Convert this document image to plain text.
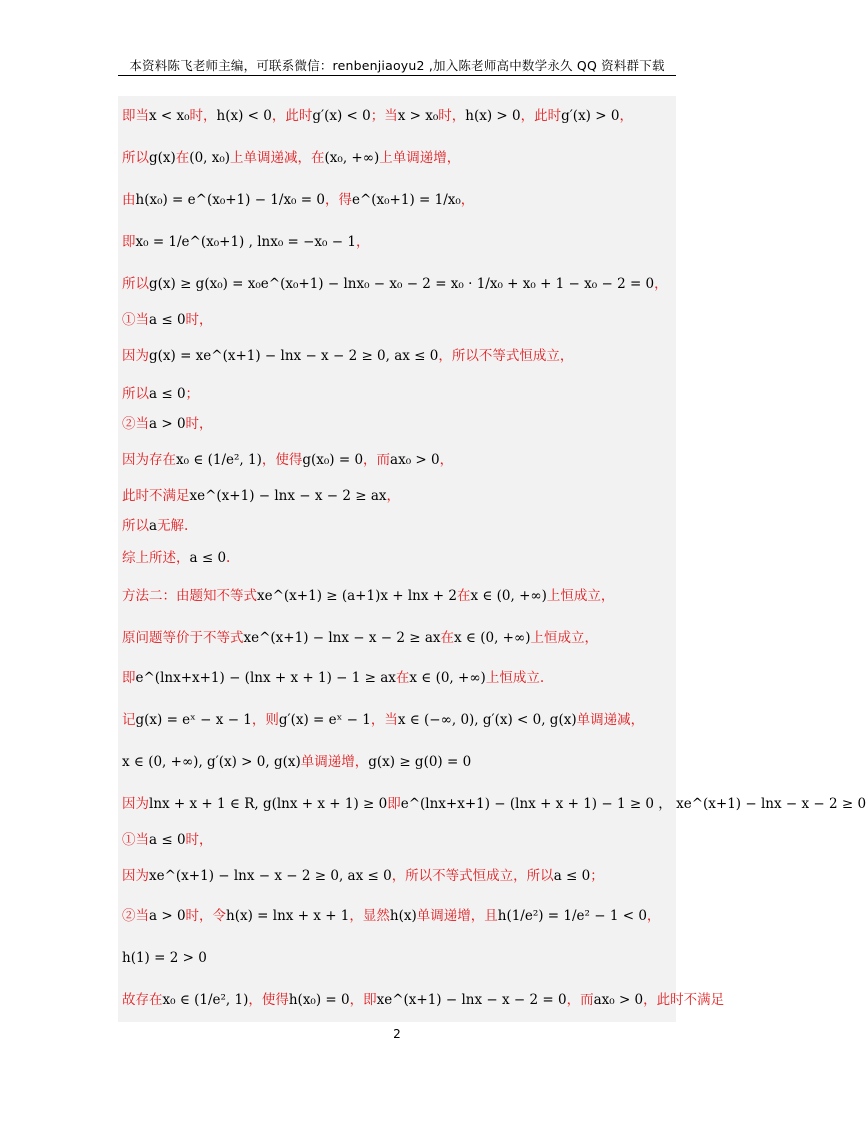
本资料陈飞老师主编，可联系微信：renbenjiaoyu2 ,加入陈老师高中数学永久 QQ 资料群下载
即当x < x₀时，h(x) < 0，此时g′(x) < 0；当x > x₀时，h(x) > 0，此时g′(x) > 0，
所以g(x)在(0, x₀)上单调递减，在(x₀, +∞)上单调递增，
由h(x₀) = e^(x₀+1) − 1/x₀ = 0，得e^(x₀+1) = 1/x₀，
即x₀ = 1/e^(x₀+1) , lnx₀ = −x₀ − 1，
所以g(x) ≥ g(x₀) = x₀e^(x₀+1) − lnx₀ − x₀ − 2 = x₀ · 1/x₀ + x₀ + 1 − x₀ − 2 = 0，
①当a ≤ 0时，
因为g(x) = xe^(x+1) − lnx − x − 2 ≥ 0, ax ≤ 0，所以不等式恒成立，
所以a ≤ 0；
②当a > 0时，
因为存在x₀ ∈ (1/e², 1)，使得g(x₀) = 0，而ax₀ > 0，
此时不满足xe^(x+1) − lnx − x − 2 ≥ ax，
所以a无解.
综上所述，a ≤ 0.
方法二：由题知不等式xe^(x+1) ≥ (a+1)x + lnx + 2在x ∈ (0, +∞)上恒成立，
原问题等价于不等式xe^(x+1) − lnx − x − 2 ≥ ax在x ∈ (0, +∞)上恒成立，
即e^(lnx+x+1) − (lnx + x + 1) − 1 ≥ ax在x ∈ (0, +∞)上恒成立.
记g(x) = eˣ − x − 1，则g′(x) = eˣ − 1，当x ∈ (−∞, 0), g′(x) < 0, g(x)单调递减，
x ∈ (0, +∞), g′(x) > 0, g(x)单调递增，g(x) ≥ g(0) = 0
因为lnx + x + 1 ∈ R, g(lnx + x + 1) ≥ 0即e^(lnx+x+1) − (lnx + x + 1) − 1 ≥ 0 ， xe^(x+1) − lnx − x − 2 ≥ 0
①当a ≤ 0时，
因为xe^(x+1) − lnx − x − 2 ≥ 0, ax ≤ 0，所以不等式恒成立，所以a ≤ 0；
②当a > 0时，令h(x) = lnx + x + 1，显然h(x)单调递增，且h(1/e²) = 1/e² − 1 < 0，
h(1) = 2 > 0
故存在x₀ ∈ (1/e², 1)，使得h(x₀) = 0，即xe^(x+1) − lnx − x − 2 = 0，而ax₀ > 0，此时不满足
2
